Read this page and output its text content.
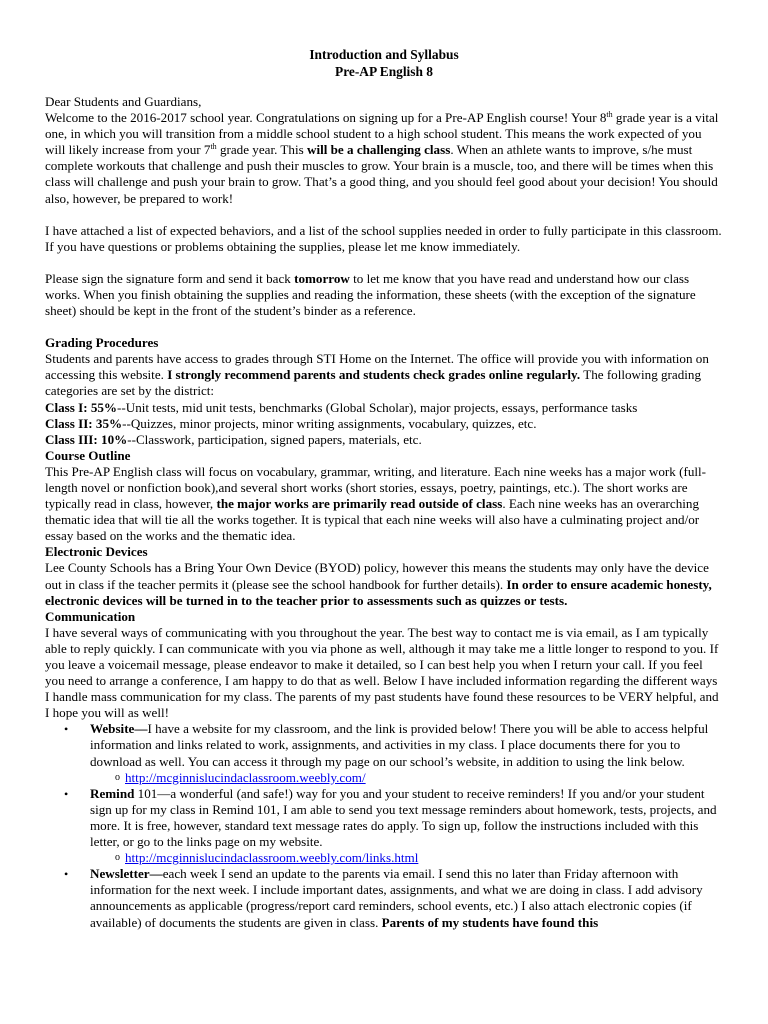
Introduction and Syllabus
Pre-AP English 8

Dear Students and Guardians,

Welcome to the 2016-2017 school year. Congratulations on signing up for a Pre-AP English course! Your 8th grade year is a vital one, in which you will transition from a middle school student to a high school student. This means the work expected of you will likely increase from your 7th grade year. This will be a challenging class. When an athlete wants to improve, s/he must complete workouts that challenge and push their muscles to grow. Your brain is a muscle, too, and there will be times when this class will challenge and push your brain to grow. That’s a good thing, and you should feel good about your decision! You should also, however, be prepared to work!

I have attached a list of expected behaviors, and a list of the school supplies needed in order to fully participate in this classroom. If you have questions or problems obtaining the supplies, please let me know immediately.

Please sign the signature form and send it back tomorrow to let me know that you have read and understand how our class works. When you finish obtaining the supplies and reading the information, these sheets (with the exception of the signature sheet) should be kept in the front of the student’s binder as a reference.

Grading Procedures

Students and parents have access to grades through STI Home on the Internet. The office will provide you with information on accessing this website. I strongly recommend parents and students check grades online regularly. The following grading categories are set by the district:

Class I: 55%--Unit tests, mid unit tests, benchmarks (Global Scholar), major projects, essays, performance tasks

Class II: 35%--Quizzes, minor projects, minor writing assignments, vocabulary, quizzes, etc.

Class III: 10%--Classwork, participation, signed papers, materials, etc.

Course Outline

This Pre-AP English class will focus on vocabulary, grammar, writing, and literature. Each nine weeks has a major work (full-length novel or nonfiction book),and several short works (short stories, essays, poetry, paintings, etc.). The short works are typically read in class, however, the major works are primarily read outside of class. Each nine weeks has an overarching thematic idea that will tie all the works together. It is typical that each nine weeks will also have a culminating project and/or essay based on the works and the thematic idea.

Electronic Devices

Lee County Schools has a Bring Your Own Device (BYOD) policy, however this means the students may only have the device out in class if the teacher permits it (please see the school handbook for further details). In order to ensure academic honesty, electronic devices will be turned in to the teacher prior to assessments such as quizzes or tests.

Communication

I have several ways of communicating with you throughout the year. The best way to contact me is via email, as I am typically able to reply quickly. I can communicate with you via phone as well, although it may take me a little longer to respond to you. If you leave a voicemail message, please endeavor to make it detailed, so I can best help you when I return your call. If you feel you need to arrange a conference, I am happy to do that as well. Below I have included information regarding the different ways I handle mass communication for my class. The parents of my past students have found these resources to be VERY helpful, and I hope you will as well!

• Website—I have a website for my classroom, and the link is provided below! There you will be able to access helpful information and links related to work, assignments, and activities in my class. I place documents there for you to download as well. You can access it through my page on our school’s website, in addition to using the link below.
o http://mcginnislucindaclassroom.weebly.com/
• Remind 101—a wonderful (and safe!) way for you and your student to receive reminders! If you and/or your student sign up for my class in Remind 101, I am able to send you text message reminders about homework, tests, projects, and more. It is free, however, standard text message rates do apply. To sign up, follow the instructions included with this letter, or go to the links page on my website.
o http://mcginnislucindaclassroom.weebly.com/links.html
• Newsletter—each week I send an update to the parents via email. I send this no later than Friday afternoon with information for the next week. I include important dates, assignments, and what we are doing in class. I add advisory announcements as applicable (progress/report card reminders, school events, etc.) I also attach electronic copies (if available) of documents the students are given in class. Parents of my students have found this
